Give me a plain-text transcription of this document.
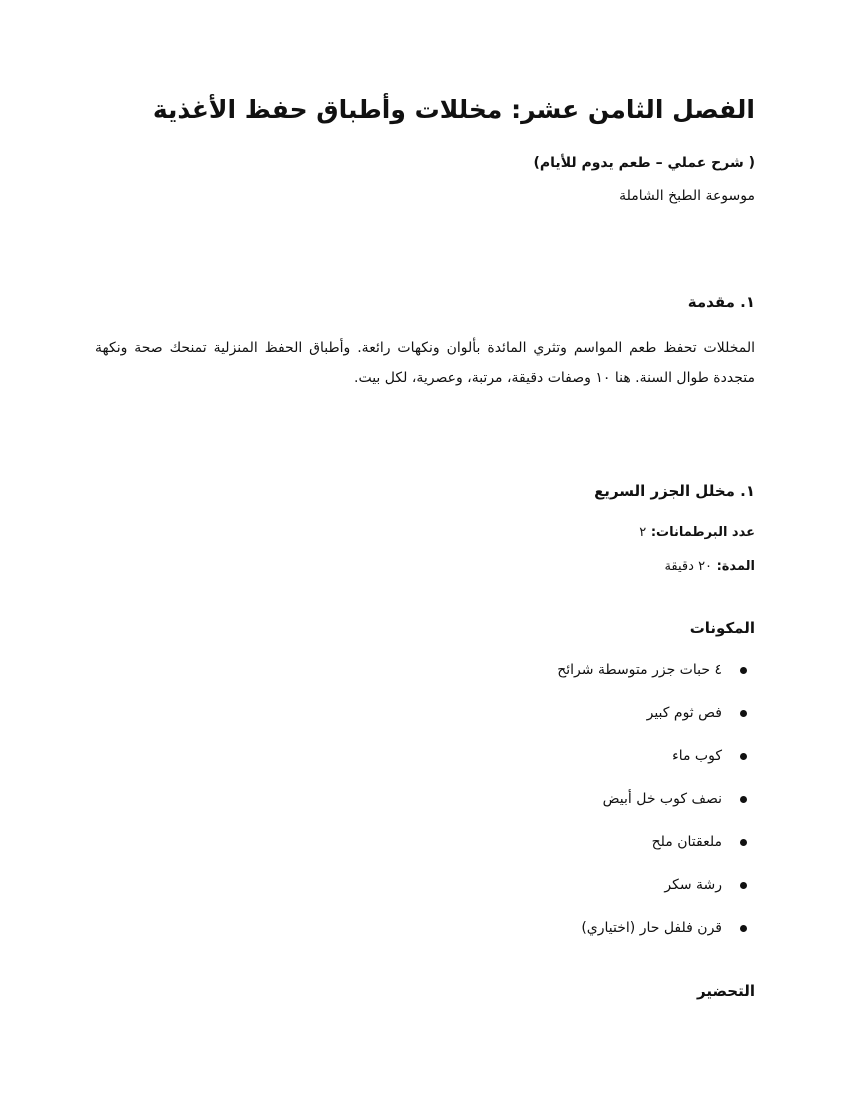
الفصل الثامن عشر: مخللات وأطباق حفظ الأغذية

( شرح عملي – طعم يدوم للأيام)

موسوعة الطبخ الشاملة

١. مقدمة

المخللات تحفظ طعم المواسم وتثري المائدة بألوان ونكهات رائعة. وأطباق الحفظ المنزلية تمنحك صحة ونكهة متجددة طوال السنة. هنا ١٠ وصفات دقيقة، مرتبة، وعصرية، لكل بيت.

١. مخلل الجزر السريع

عدد البرطمانات: ٢

المدة: ٢٠ دقيقة

المكونات
٤ حبات جزر متوسطة شرائح
فص ثوم كبير
كوب ماء
نصف كوب خل أبيض
ملعقتان ملح
رشة سكر
قرن فلفل حار (اختياري)
التحضير
